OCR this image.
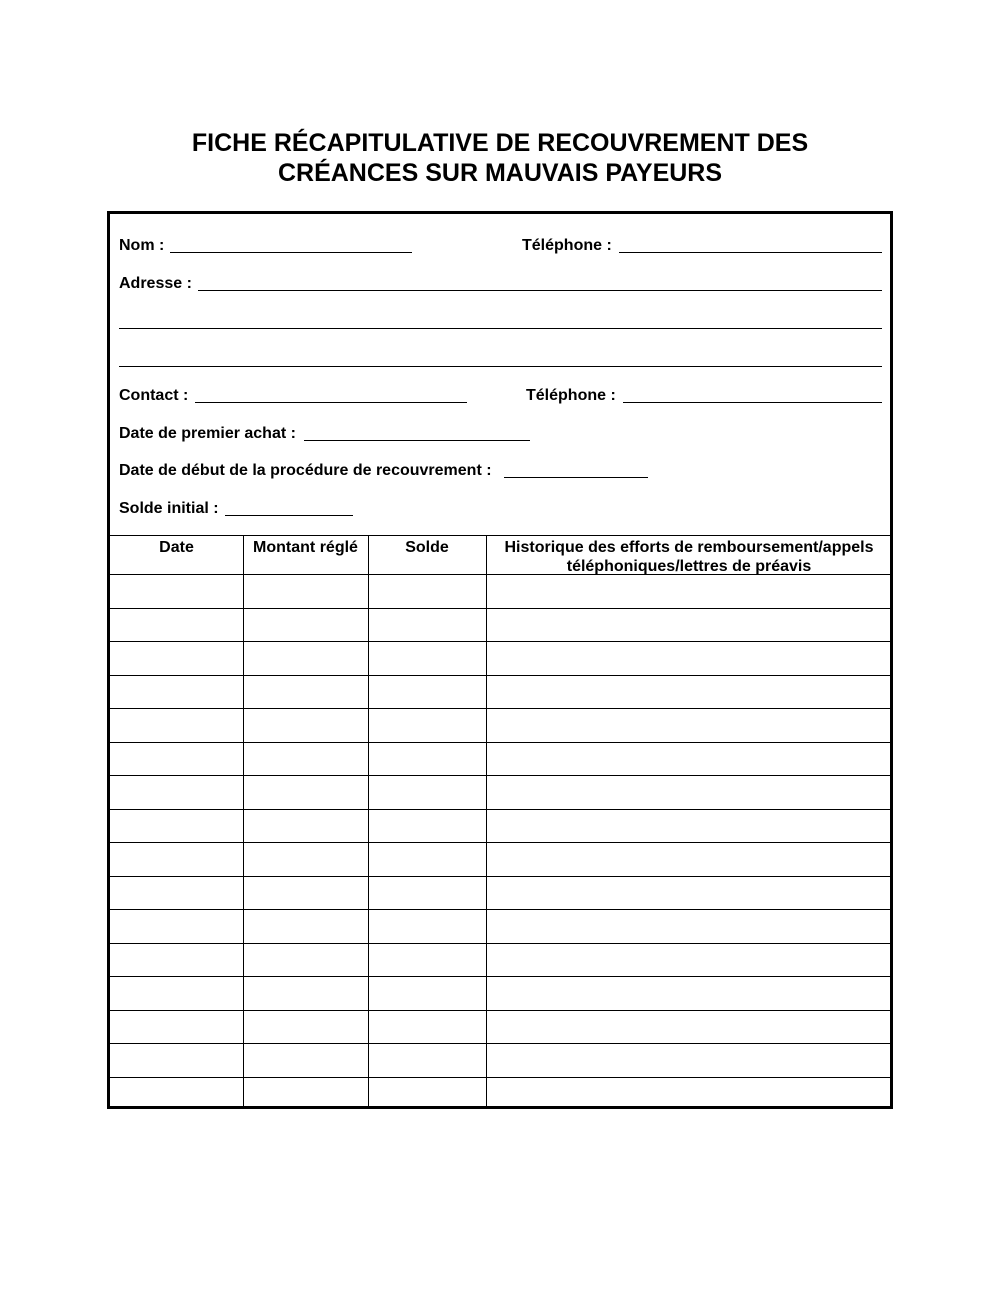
FICHE RÉCAPITULATIVE DE RECOUVREMENT DES
CRÉANCES SUR MAUVAIS PAYEURS
Nom :	Téléphone :
Adresse :
Contact :	Téléphone :
Date de premier achat :
Date de début de la procédure de recouvrement :
Solde initial :
Date	Montant réglé	Solde	Historique des efforts de remboursement/appels téléphoniques/lettres de préavis
